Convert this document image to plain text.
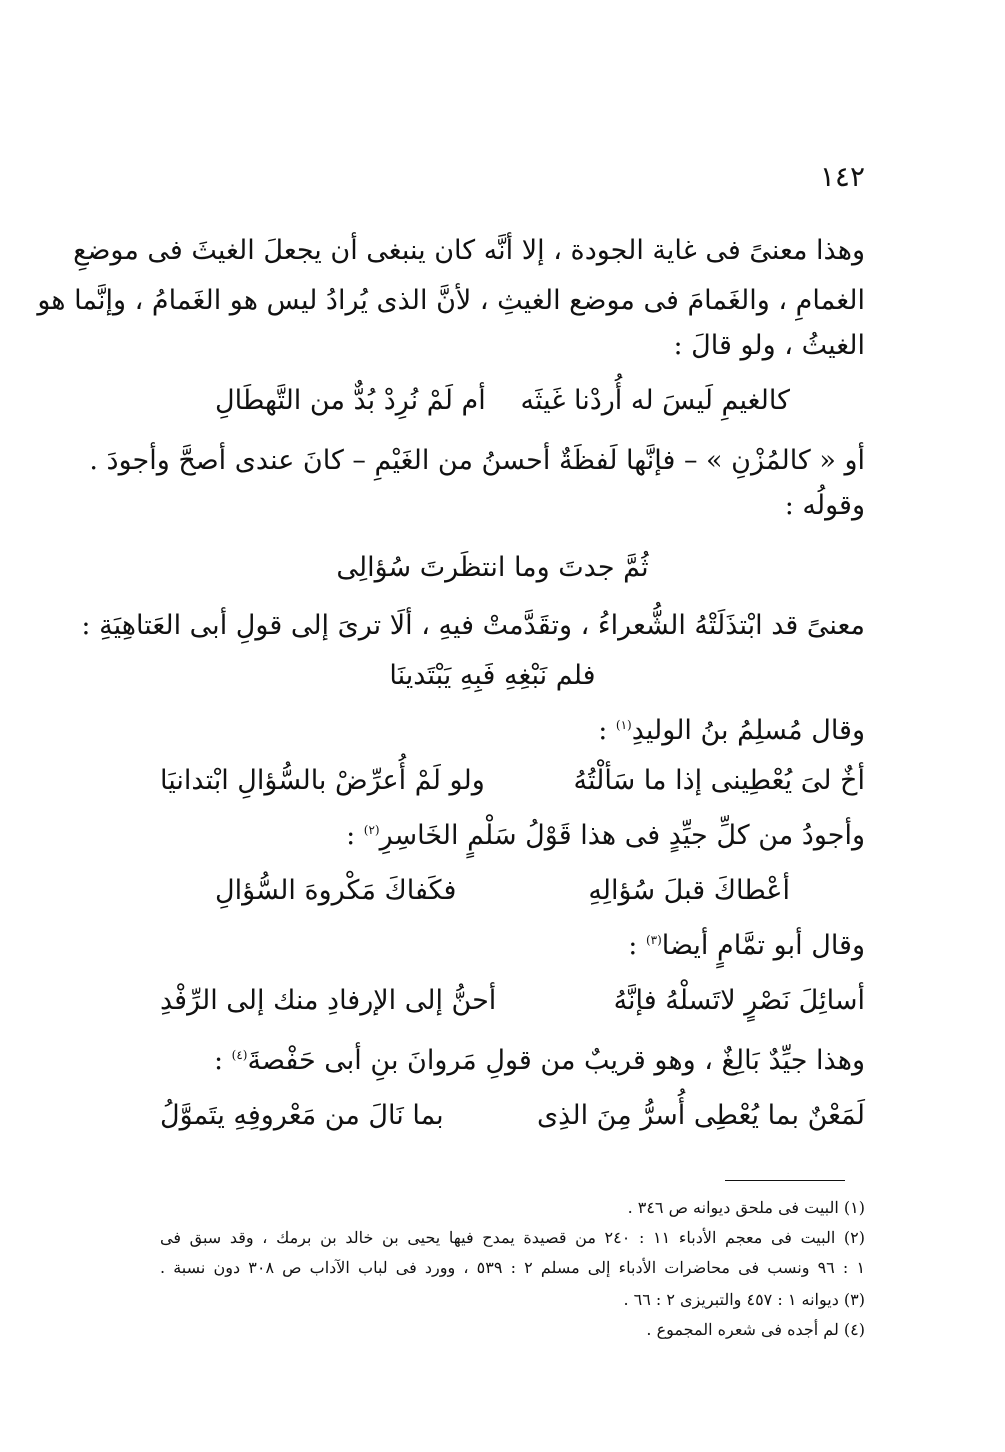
١٤٢
وهذا معنىً فى غاية الجودة ، إلا أنَّه كان ينبغى أن يجعلَ الغيثَ فى موضعِ
الغمامِ ، والغَمامَ فى موضع الغيثِ ، لأنَّ الذى يُرادُ ليس هو الغَمامُ ، وإنَّما هو
الغيثُ ، ولو قالَ :
كالغيمِ لَيسَ له أُردْنا غَيثَه
أم لَمْ نُرِدْ بُدٌّ من التَّهطَالِ
أو « كالمُزْنِ » – فإنَّها لَفظَةٌ أحسنُ من الغَيْمِ – كانَ عندى أصحَّ وأجودَ .
وقولُه :
ثُمَّ جدتَ وما انتظَرتَ سُؤالِى
معنىً قد ابْتذَلَتْهُ الشُّعراءُ ، وتقَدَّمتْ فيهِ ، ألَا ترىَ إلى قولِ أبى العَتاهِيَةِ :
فلم نَبْغِهِ فَبِهِ يَبْتَدينَا
وقال مُسلِمُ بنُ الوليدِ$^{(١)}$ :
أخٌ لىَ يُعْطِينى إذا ما سَألْتُهُ
ولو لَمْ أُعرِّضْ بالسُّؤالِ ابْتدانيَا
وأجودُ من كلِّ جيِّدٍ فى هذا قَوْلُ سَلْمٍ الخَاسِرِ$^{(٢)}$ :
أعْطاكَ قبلَ سُؤالِهِ
فكَفاكَ مَكْروهَ السُّؤالِ
وقال أبو تمَّامٍ أيضا$^{(٣)}$ :
أسائِلَ نَصْرٍ لاتَسلْهُ فإنَّهُ
أحنُّ إلى الإرفادِ منك إلى الرِّفْدِ
وهذا جيِّدٌ بَالِغٌ ، وهو قريبٌ من قولِ مَروانَ بنِ أبى حَفْصةَ$^{(٤)}$ :
لَمَعْنٌ بما يُعْطِى أُسرُّ مِنَ الذِى
بما نَالَ من مَعْروفِهِ يتَموَّلُ
(١) البيت فى ملحق ديوانه ص ٣٤٦ .
(٢) البيت فى معجم الأدباء ١١ : ٢٤٠ من قصيدة يمدح فيها يحيى بن خالد بن برمك ، وقد سبق فى
١ : ٩٦ ونسب فى محاضرات الأدباء إلى مسلم ٢ : ٥٣٩ ، وورد فى لباب الآداب ص ٣٠٨ دون نسبة .
(٣) ديوانه ١ : ٤٥٧ والتبريزى ٢ : ٦٦ .
(٤) لم أجده فى شعره المجموع .
